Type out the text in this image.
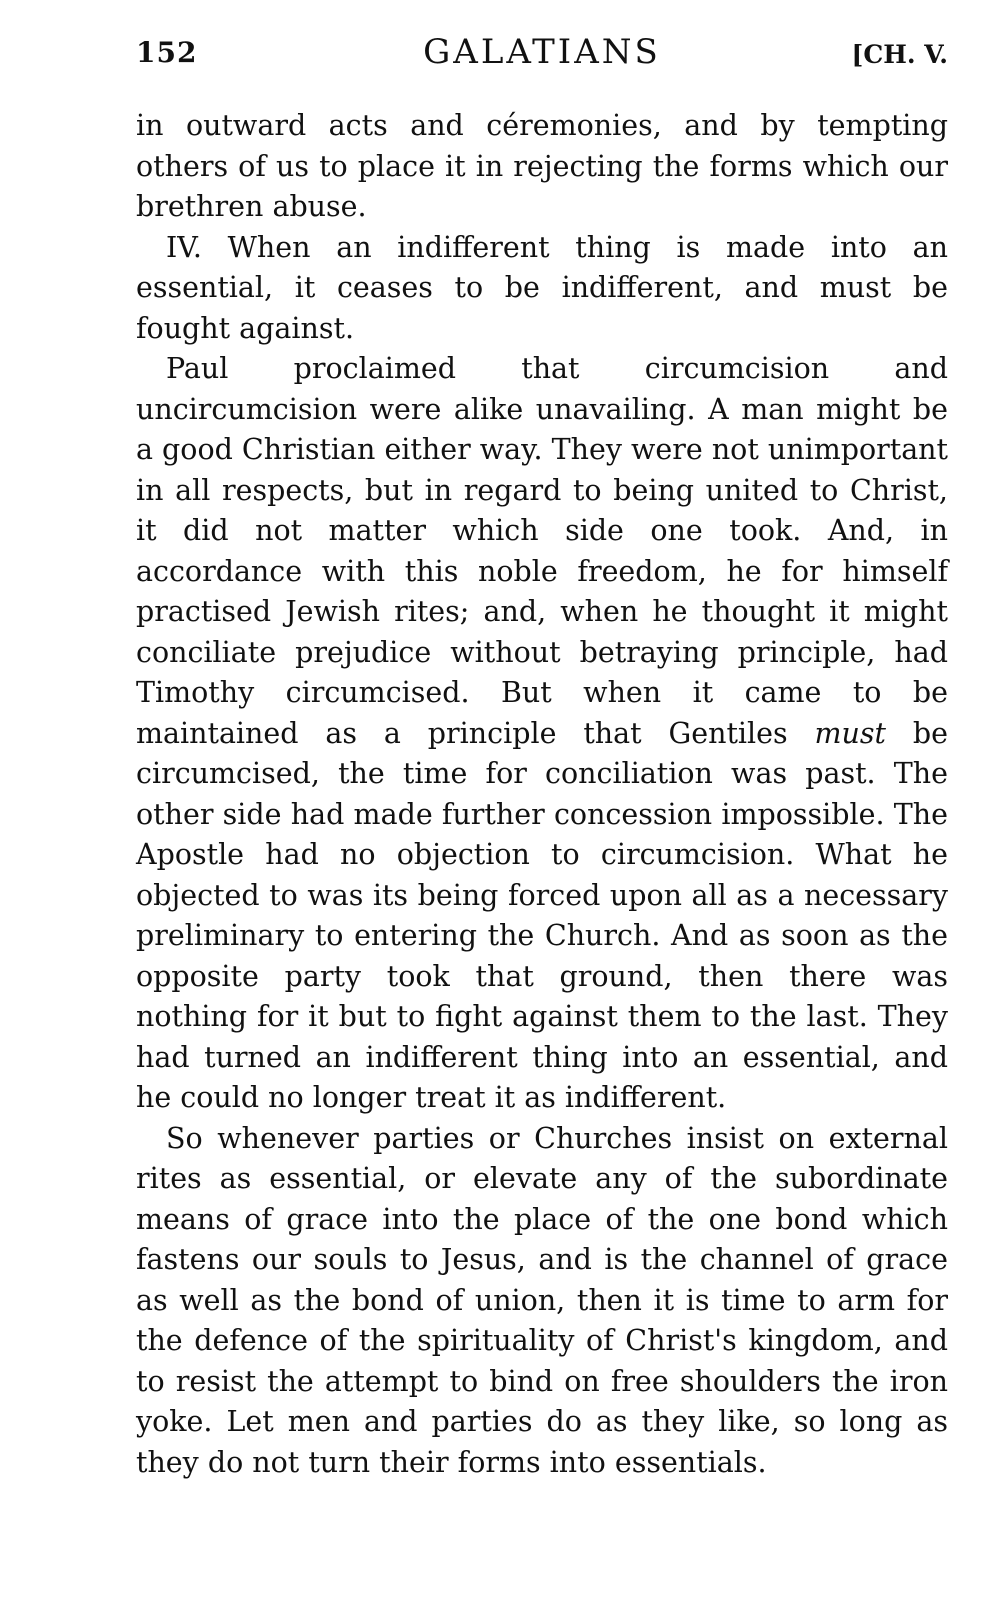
152	GALATIANS	[CH. V.

in outward acts and céremonies, and by tempting others of us to place it in rejecting the forms which our brethren abuse.

IV. When an indifferent thing is made into an essential, it ceases to be indifferent, and must be fought against.

Paul proclaimed that circumcision and uncircumcision were alike unavailing. A man might be a good Christian either way. They were not unimportant in all respects, but in regard to being united to Christ, it did not matter which side one took. And, in accordance with this noble freedom, he for himself practised Jewish rites; and, when he thought it might conciliate prejudice without betraying principle, had Timothy circumcised. But when it came to be maintained as a principle that Gentiles must be circumcised, the time for conciliation was past. The other side had made further concession impossible. The Apostle had no objection to circumcision. What he objected to was its being forced upon all as a necessary preliminary to entering the Church. And as soon as the opposite party took that ground, then there was nothing for it but to fight against them to the last. They had turned an indifferent thing into an essential, and he could no longer treat it as indifferent.

So whenever parties or Churches insist on external rites as essential, or elevate any of the subordinate means of grace into the place of the one bond which fastens our souls to Jesus, and is the channel of grace as well as the bond of union, then it is time to arm for the defence of the spirituality of Christ's kingdom, and to resist the attempt to bind on free shoulders the iron yoke. Let men and parties do as they like, so long as they do not turn their forms into essentials.
